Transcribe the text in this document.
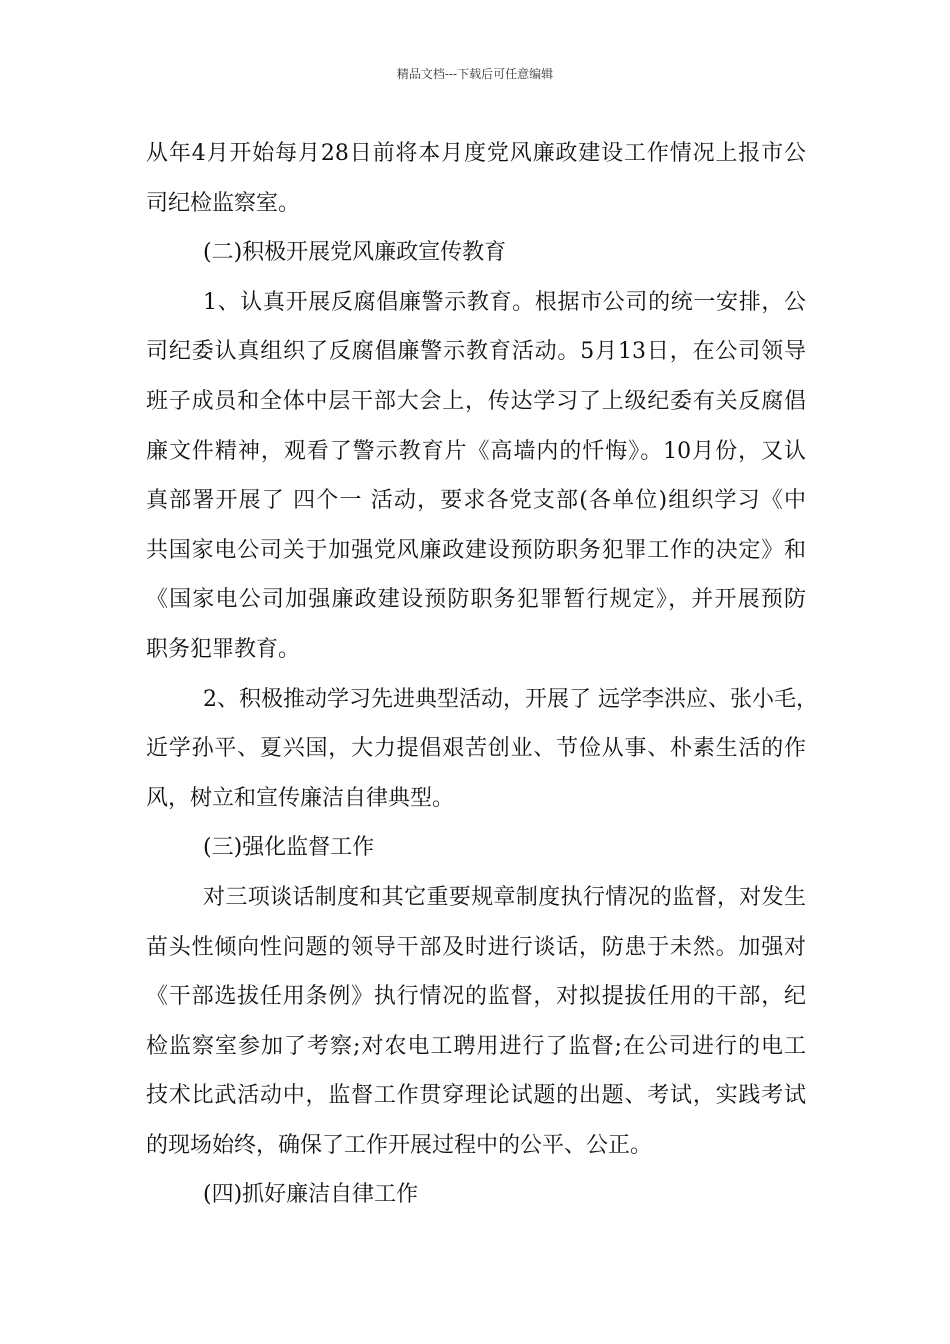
精品文档---下载后可任意编辑
从年4月开始每月28日前将本月度党风廉政建设工作情况上报市公
司纪检监察室。
(二)积极开展党风廉政宣传教育
1、认真开展反腐倡廉警示教育。根据市公司的统一安排，公
司纪委认真组织了反腐倡廉警示教育活动。5月13日，在公司领导
班子成员和全体中层干部大会上，传达学习了上级纪委有关反腐倡
廉文件精神，观看了警示教育片《高墙内的忏悔》。10月份，又认
真部署开展了 四个一 活动，要求各党支部(各单位)组织学习《中
共国家电公司关于加强党风廉政建设预防职务犯罪工作的决定》和
《国家电公司加强廉政建设预防职务犯罪暂行规定》，并开展预防
职务犯罪教育。
2、积极推动学习先进典型活动，开展了 远学李洪应、张小毛，
近学孙平、夏兴国，大力提倡艰苦创业、节俭从事、朴素生活的作
风，树立和宣传廉洁自律典型。
(三)强化监督工作
对三项谈话制度和其它重要规章制度执行情况的监督，对发生
苗头性倾向性问题的领导干部及时进行谈话，防患于未然。加强对
《干部选拔任用条例》执行情况的监督，对拟提拔任用的干部，纪
检监察室参加了考察;对农电工聘用进行了监督;在公司进行的电工
技术比武活动中，监督工作贯穿理论试题的出题、考试，实践考试
的现场始终，确保了工作开展过程中的公平、公正。
(四)抓好廉洁自律工作
